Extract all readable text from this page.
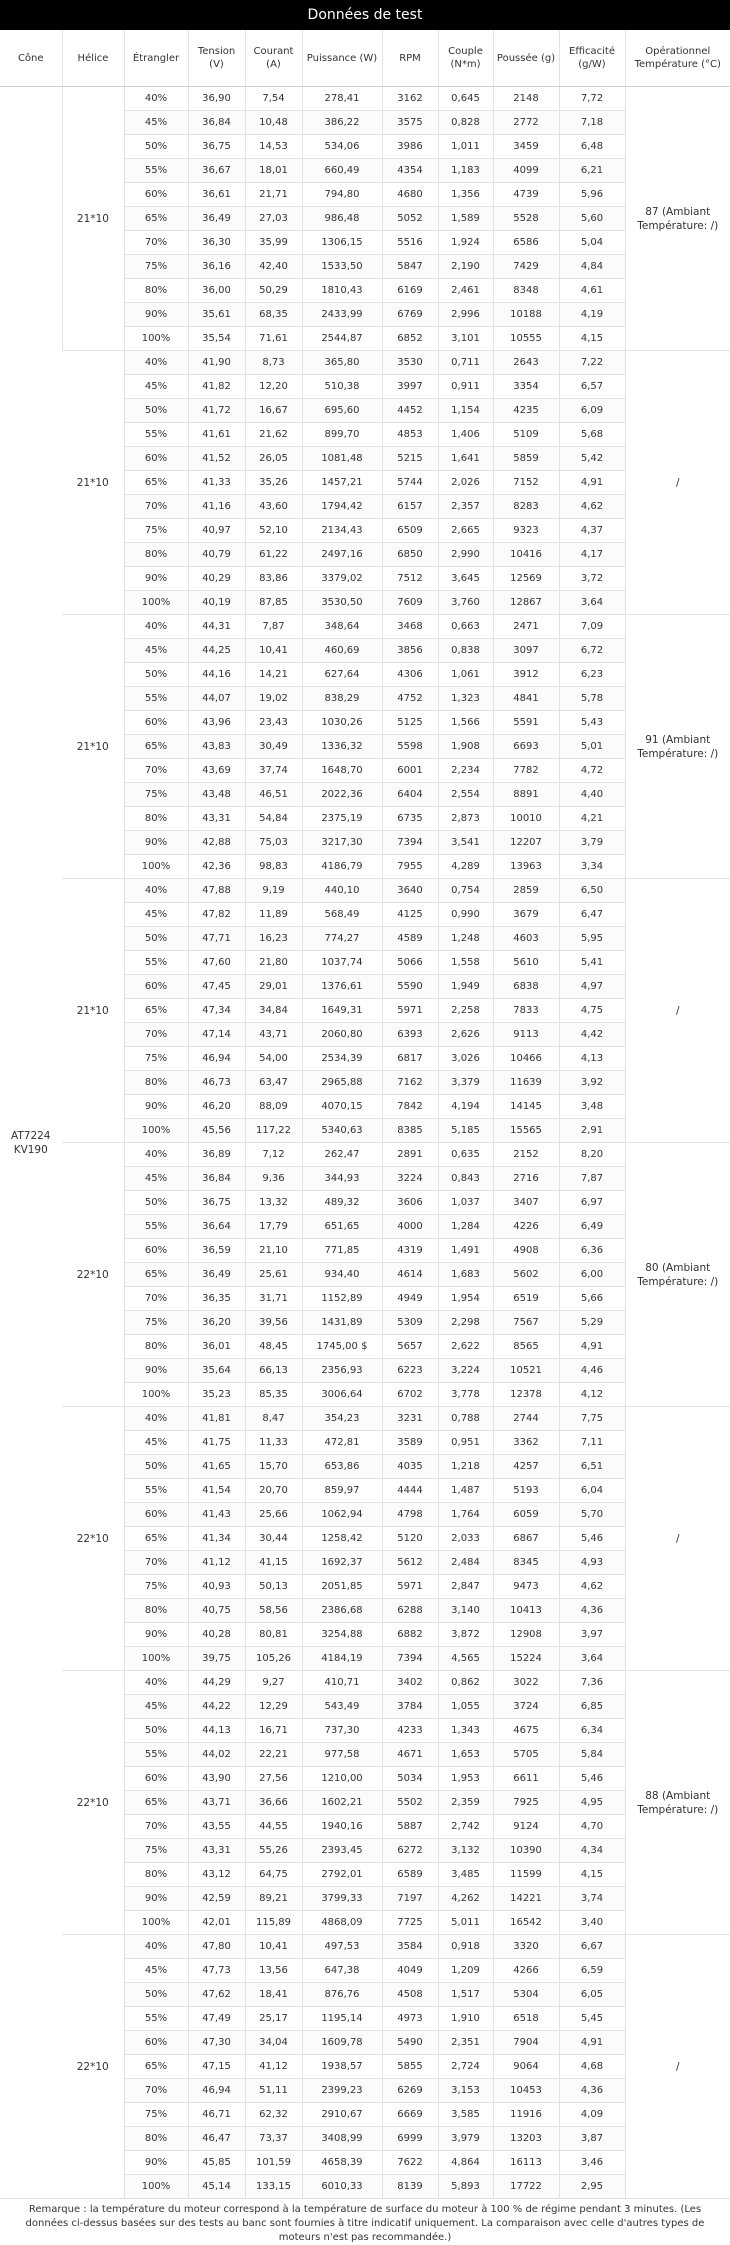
Données de test
Cône	Hélice	Étrangler	Tension (V)	Courant (A)	Puissance (W)	RPM	Couple (N*m)	Poussée (g)	Efficacité (g/W)	Opérationnel Température (°C)
AT7224 KV190	21*10	40%	36,90	7,54	278,41	3162	0,645	2148	7,72	87 (Ambiant Température: /)
		45%	36,84	10,48	386,22	3575	0,828	2772	7,18	
		50%	36,75	14,53	534,06	3986	1,011	3459	6,48	
		55%	36,67	18,01	660,49	4354	1,183	4099	6,21	
		60%	36,61	21,71	794,80	4680	1,356	4739	5,96	
		65%	36,49	27,03	986,48	5052	1,589	5528	5,60	
		70%	36,30	35,99	1306,15	5516	1,924	6586	5,04	
		75%	36,16	42,40	1533,50	5847	2,190	7429	4,84	
		80%	36,00	50,29	1810,43	6169	2,461	8348	4,61	
		90%	35,61	68,35	2433,99	6769	2,996	10188	4,19	
		100%	35,54	71,61	2544,87	6852	3,101	10555	4,15	
	21*10	40%	41,90	8,73	365,80	3530	0,711	2643	7,22	/
		45%	41,82	12,20	510,38	3997	0,911	3354	6,57	
		50%	41,72	16,67	695,60	4452	1,154	4235	6,09	
		55%	41,61	21,62	899,70	4853	1,406	5109	5,68	
		60%	41,52	26,05	1081,48	5215	1,641	5859	5,42	
		65%	41,33	35,26	1457,21	5744	2,026	7152	4,91	
		70%	41,16	43,60	1794,42	6157	2,357	8283	4,62	
		75%	40,97	52,10	2134,43	6509	2,665	9323	4,37	
		80%	40,79	61,22	2497,16	6850	2,990	10416	4,17	
		90%	40,29	83,86	3379,02	7512	3,645	12569	3,72	
		100%	40,19	87,85	3530,50	7609	3,760	12867	3,64	
	21*10	40%	44,31	7,87	348,64	3468	0,663	2471	7,09	91 (Ambiant Température: /)
		45%	44,25	10,41	460,69	3856	0,838	3097	6,72	
		50%	44,16	14,21	627,64	4306	1,061	3912	6,23	
		55%	44,07	19,02	838,29	4752	1,323	4841	5,78	
		60%	43,96	23,43	1030,26	5125	1,566	5591	5,43	
		65%	43,83	30,49	1336,32	5598	1,908	6693	5,01	
		70%	43,69	37,74	1648,70	6001	2,234	7782	4,72	
		75%	43,48	46,51	2022,36	6404	2,554	8891	4,40	
		80%	43,31	54,84	2375,19	6735	2,873	10010	4,21	
		90%	42,88	75,03	3217,30	7394	3,541	12207	3,79	
		100%	42,36	98,83	4186,79	7955	4,289	13963	3,34	
	21*10	40%	47,88	9,19	440,10	3640	0,754	2859	6,50	/
		45%	47,82	11,89	568,49	4125	0,990	3679	6,47	
		50%	47,71	16,23	774,27	4589	1,248	4603	5,95	
		55%	47,60	21,80	1037,74	5066	1,558	5610	5,41	
		60%	47,45	29,01	1376,61	5590	1,949	6838	4,97	
		65%	47,34	34,84	1649,31	5971	2,258	7833	4,75	
		70%	47,14	43,71	2060,80	6393	2,626	9113	4,42	
		75%	46,94	54,00	2534,39	6817	3,026	10466	4,13	
		80%	46,73	63,47	2965,88	7162	3,379	11639	3,92	
		90%	46,20	88,09	4070,15	7842	4,194	14145	3,48	
		100%	45,56	117,22	5340,63	8385	5,185	15565	2,91	
	22*10	40%	36,89	7,12	262,47	2891	0,635	2152	8,20	80 (Ambiant Température: /)
		45%	36,84	9,36	344,93	3224	0,843	2716	7,87	
		50%	36,75	13,32	489,32	3606	1,037	3407	6,97	
		55%	36,64	17,79	651,65	4000	1,284	4226	6,49	
		60%	36,59	21,10	771,85	4319	1,491	4908	6,36	
		65%	36,49	25,61	934,40	4614	1,683	5602	6,00	
		70%	36,35	31,71	1152,89	4949	1,954	6519	5,66	
		75%	36,20	39,56	1431,89	5309	2,298	7567	5,29	
		80%	36,01	48,45	1745,00 $	5657	2,622	8565	4,91	
		90%	35,64	66,13	2356,93	6223	3,224	10521	4,46	
		100%	35,23	85,35	3006,64	6702	3,778	12378	4,12	
	22*10	40%	41,81	8,47	354,23	3231	0,788	2744	7,75	/
		45%	41,75	11,33	472,81	3589	0,951	3362	7,11	
		50%	41,65	15,70	653,86	4035	1,218	4257	6,51	
		55%	41,54	20,70	859,97	4444	1,487	5193	6,04	
		60%	41,43	25,66	1062,94	4798	1,764	6059	5,70	
		65%	41,34	30,44	1258,42	5120	2,033	6867	5,46	
		70%	41,12	41,15	1692,37	5612	2,484	8345	4,93	
		75%	40,93	50,13	2051,85	5971	2,847	9473	4,62	
		80%	40,75	58,56	2386,68	6288	3,140	10413	4,36	
		90%	40,28	80,81	3254,88	6882	3,872	12908	3,97	
		100%	39,75	105,26	4184,19	7394	4,565	15224	3,64	
	22*10	40%	44,29	9,27	410,71	3402	0,862	3022	7,36	88 (Ambiant Température: /)
		45%	44,22	12,29	543,49	3784	1,055	3724	6,85	
		50%	44,13	16,71	737,30	4233	1,343	4675	6,34	
		55%	44,02	22,21	977,58	4671	1,653	5705	5,84	
		60%	43,90	27,56	1210,00	5034	1,953	6611	5,46	
		65%	43,71	36,66	1602,21	5502	2,359	7925	4,95	
		70%	43,55	44,55	1940,16	5887	2,742	9124	4,70	
		75%	43,31	55,26	2393,45	6272	3,132	10390	4,34	
		80%	43,12	64,75	2792,01	6589	3,485	11599	4,15	
		90%	42,59	89,21	3799,33	7197	4,262	14221	3,74	
		100%	42,01	115,89	4868,09	7725	5,011	16542	3,40	
	22*10	40%	47,80	10,41	497,53	3584	0,918	3320	6,67	/
		45%	47,73	13,56	647,38	4049	1,209	4266	6,59	
		50%	47,62	18,41	876,76	4508	1,517	5304	6,05	
		55%	47,49	25,17	1195,14	4973	1,910	6518	5,45	
		60%	47,30	34,04	1609,78	5490	2,351	7904	4,91	
		65%	47,15	41,12	1938,57	5855	2,724	9064	4,68	
		70%	46,94	51,11	2399,23	6269	3,153	10453	4,36	
		75%	46,71	62,32	2910,67	6669	3,585	11916	4,09	
		80%	46,47	73,37	3408,99	6999	3,979	13203	3,87	
		90%	45,85	101,59	4658,39	7622	4,864	16113	3,46	
		100%	45,14	133,15	6010,33	8139	5,893	17722	2,95	
Remarque : la température du moteur correspond à la température de surface du moteur à 100 % de régime pendant 3 minutes. (Les données ci-dessus basées sur des tests au banc sont fournies à titre indicatif uniquement. La comparaison avec celle d'autres types de moteurs n'est pas recommandée.)
